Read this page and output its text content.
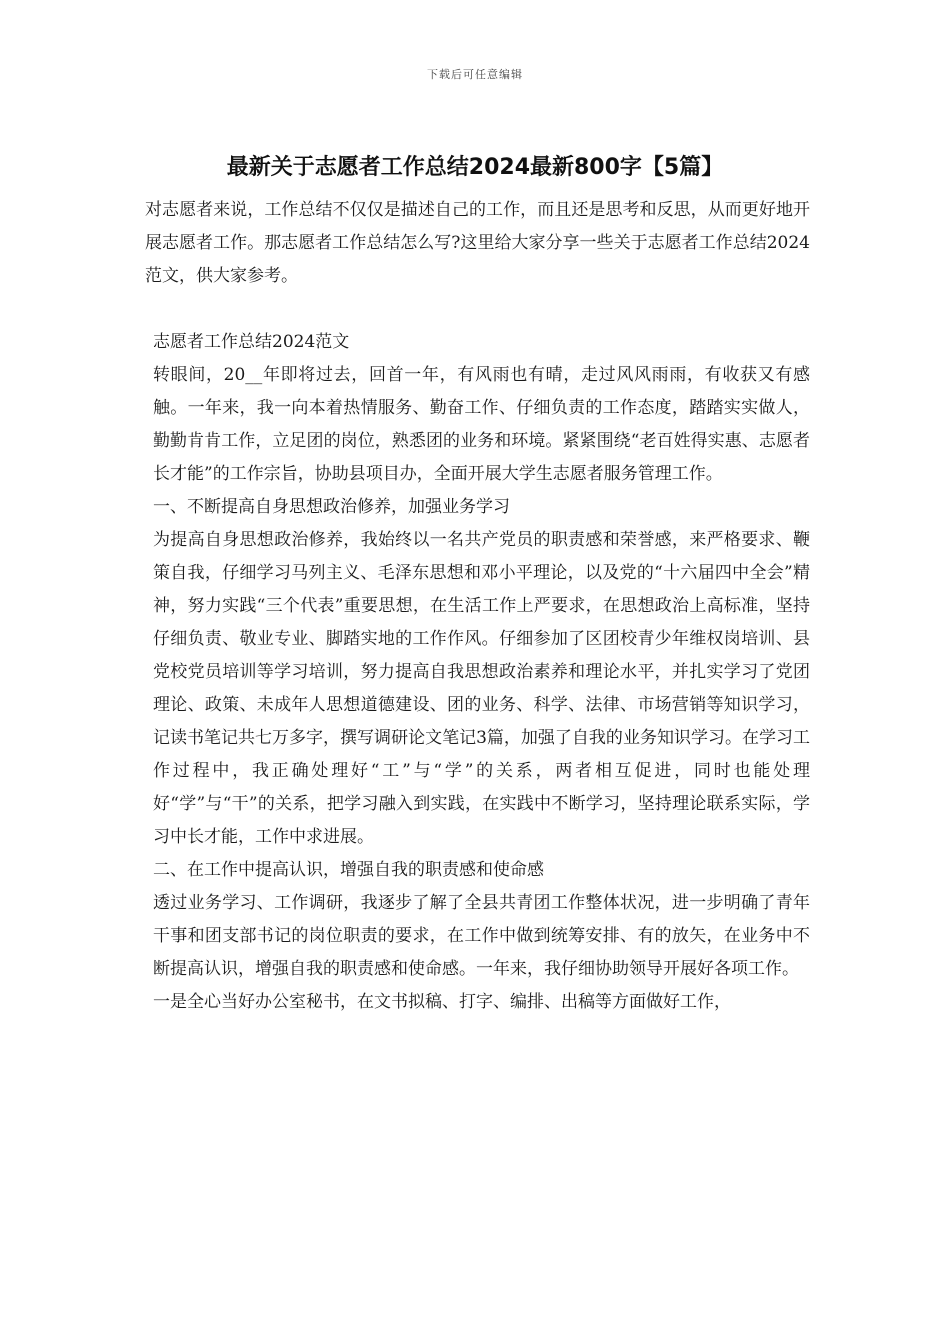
下载后可任意编辑
最新关于志愿者工作总结2024最新800字【5篇】

对志愿者来说，工作总结不仅仅是描述自己的工作，而且还是思考和反思，从而更好地开展志愿者工作。那志愿者工作总结怎么写?这里给大家分享一些关于志愿者工作总结2024范文，供大家参考。

志愿者工作总结2024范文

转眼间，20__年即将过去，回首一年，有风雨也有晴，走过风风雨雨，有收获又有感触。一年来，我一向本着热情服务、勤奋工作、仔细负责的工作态度，踏踏实实做人，勤勤肯肯工作，立足团的岗位，熟悉团的业务和环境。紧紧围绕“老百姓得实惠、志愿者长才能”的工作宗旨，协助县项目办，全面开展大学生志愿者服务管理工作。

一、不断提高自身思想政治修养，加强业务学习

为提高自身思想政治修养，我始终以一名共产党员的职责感和荣誉感，来严格要求、鞭策自我，仔细学习马列主义、毛泽东思想和邓小平理论，以及党的“十六届四中全会”精神，努力实践“三个代表”重要思想，在生活工作上严要求，在思想政治上高标准，坚持仔细负责、敬业专业、脚踏实地的工作作风。仔细参加了区团校青少年维权岗培训、县党校党员培训等学习培训，努力提高自我思想政治素养和理论水平，并扎实学习了党团理论、政策、未成年人思想道德建设、团的业务、科学、法律、市场营销等知识学习，记读书笔记共七万多字，撰写调研论文笔记3篇，加强了自我的业务知识学习。在学习工作过程中，我正确处理好“工”与“学”的关系，两者相互促进，同时也能处理好“学”与“干”的关系，把学习融入到实践，在实践中不断学习，坚持理论联系实际，学习中长才能，工作中求进展。

二、在工作中提高认识，增强自我的职责感和使命感

透过业务学习、工作调研，我逐步了解了全县共青团工作整体状况，进一步明确了青年干事和团支部书记的岗位职责的要求，在工作中做到统筹安排、有的放矢，在业务中不断提高认识，增强自我的职责感和使命感。一年来，我仔细协助领导开展好各项工作。

一是全心当好办公室秘书，在文书拟稿、打字、编排、出稿等方面做好工作，
